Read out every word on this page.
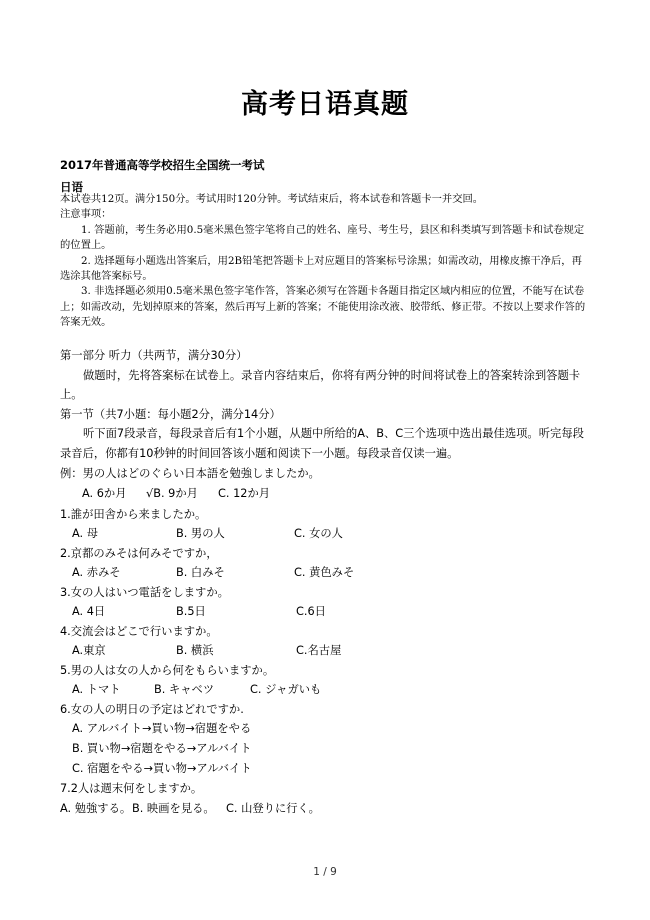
高考日语真题
2017年普通高等学校招生全国统一考试
日语

本试卷共12页。满分150分。考试用时120分钟。考试结束后，将本试卷和答题卡一并交回。

注意事项：

1. 答题前，考生务必用0.5毫米黑色签字笔将自己的姓名、座号、考生号，县区和科类填写到答题卡和试卷规定的位置上。

2. 选择题每小题选出答案后，用2B铅笔把答题卡上对应题目的答案标号涂黑；如需改动，用橡皮擦干净后，再选涂其他答案标号。

3. 非选择题必须用0.5毫米黑色签字笔作答，答案必须写在答题卡各题目指定区域内相应的位置，不能写在试卷上；如需改动，先划掉原来的答案，然后再写上新的答案；不能使用涂改液、胶带纸、修正带。不按以上要求作答的答案无效。

第一部分 听力（共两节，满分30分）

做题时，先将答案标在试卷上。录音内容结束后，你将有两分钟的时间将试卷上的答案转涂到答题卡上。

第一节（共7小题：每小题2分，满分14分）

听下面7段录音，每段录音后有1个小题，从题中所给的A、B、C三个选项中选出最佳选项。听完每段录音后，你都有10秒钟的时间回答该小题和阅读下一小题。每段录音仅读一遍。

例：男の人はどのぐらい日本語を勉強しましたか。
A. 6か月 √B. 9か月 C. 12か月
1.誰が田舎から来ましたか。
A. 母	B. 男の人	C. 女の人
2.京都のみそは何みそですか，
A. 赤みそ	B. 白みそ	C. 黄色みそ
3.女の人はいつ電話をしますか。
A. 4日	B.5日	C.6日
4.交流会はどこで行いますか。
A.東京	B. 横浜	C.名古屋
5.男の人は女の人から何をもらいますか。
A. トマト	B. キャベツ	C. ジャガいも
6.女の人の明日の予定はどれですか.
A. アルバイト→買い物→宿題をやる
B. 買い物→宿題をやる→アルバイト
C. 宿題をやる→買い物→アルバイト
7.2人は週末何をしますか。
A. 勉強する。 B. 映画を見る。 C. 山登りに行く。
1 / 9
